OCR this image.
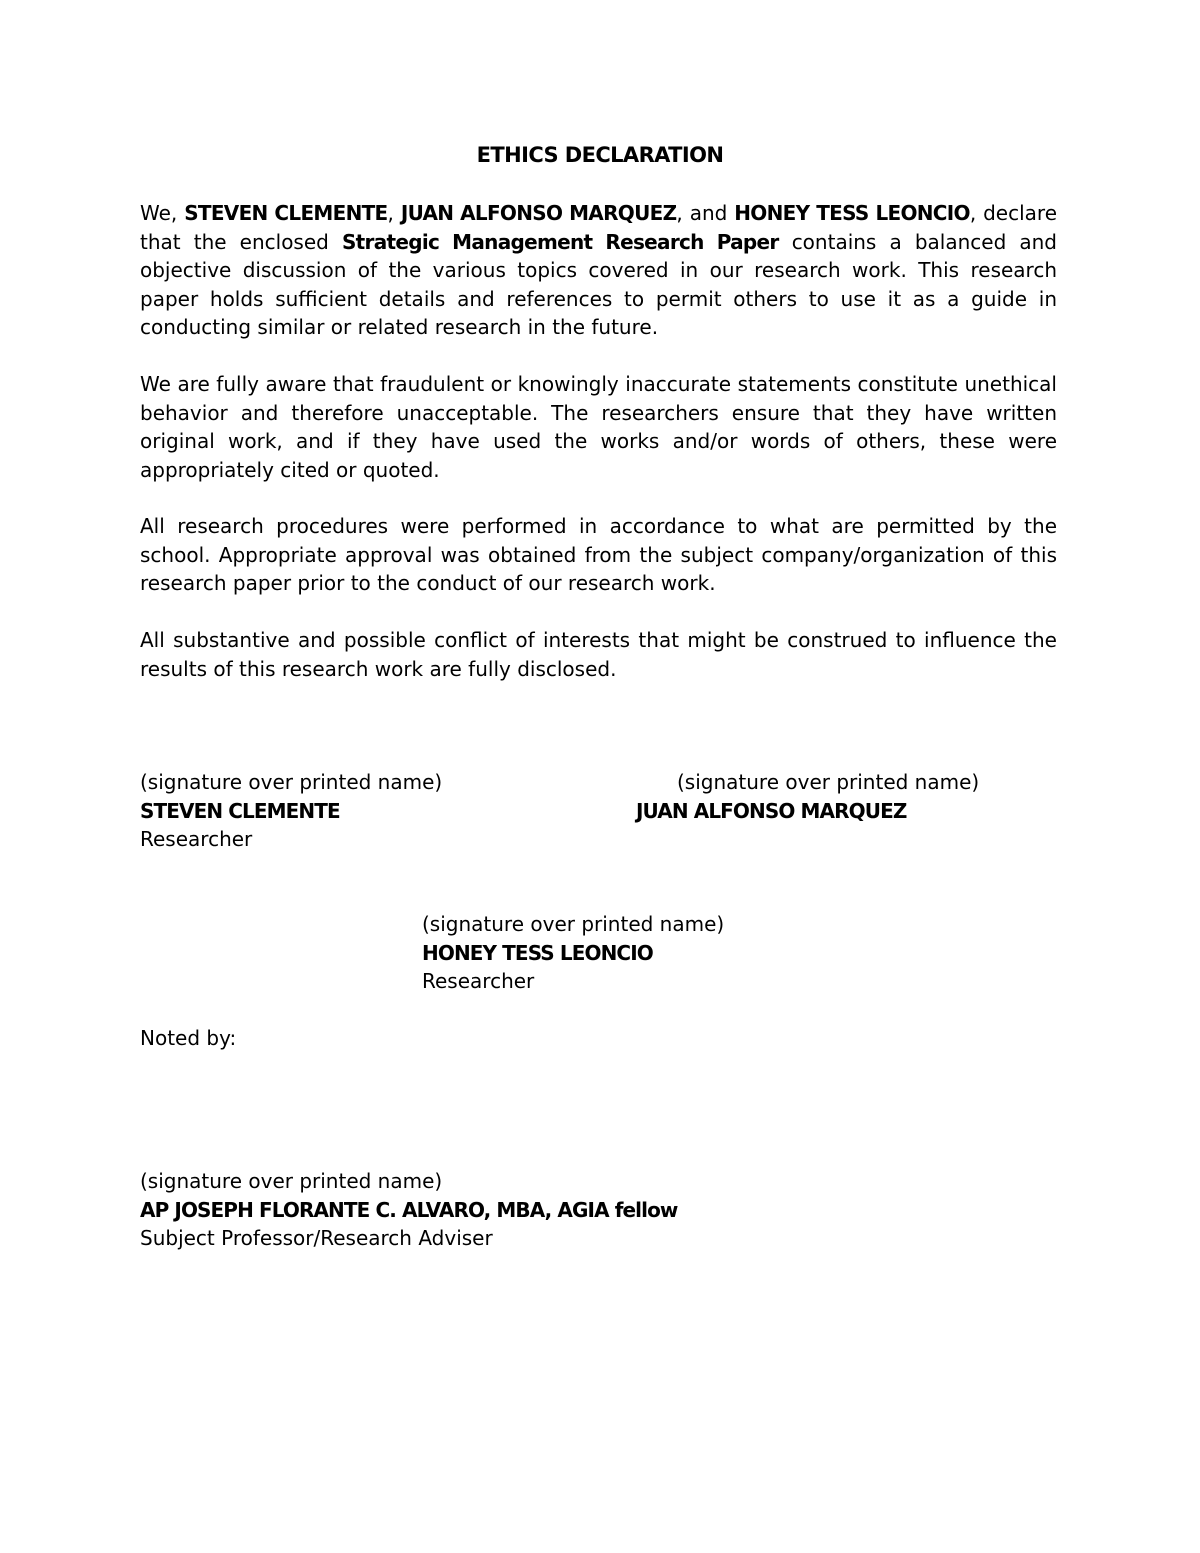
ETHICS DECLARATION
We, STEVEN CLEMENTE, JUAN ALFONSO MARQUEZ, and HONEY TESS LEONCIO, declare that the enclosed Strategic Management Research Paper contains a balanced and objective discussion of the various topics covered in our research work. This research paper holds sufficient details and references to permit others to use it as a guide in conducting similar or related research in the future.
We are fully aware that fraudulent or knowingly inaccurate statements constitute unethical behavior and therefore unacceptable. The researchers ensure that they have written original work, and if they have used the works and/or words of others, these were appropriately cited or quoted.
All research procedures were performed in accordance to what are permitted by the school. Appropriate approval was obtained from the subject company/organization of this research paper prior to the conduct of our research work.
All substantive and possible conflict of interests that might be construed to influence the results of this research work are fully disclosed.
(signature over printed name)
STEVEN CLEMENTE
Researcher
(signature over printed name)
JUAN ALFONSO MARQUEZ
(signature over printed name)
HONEY TESS LEONCIO
Researcher
Noted by:
(signature over printed name)
AP JOSEPH FLORANTE C. ALVARO, MBA, AGIA fellow
Subject Professor/Research Adviser
